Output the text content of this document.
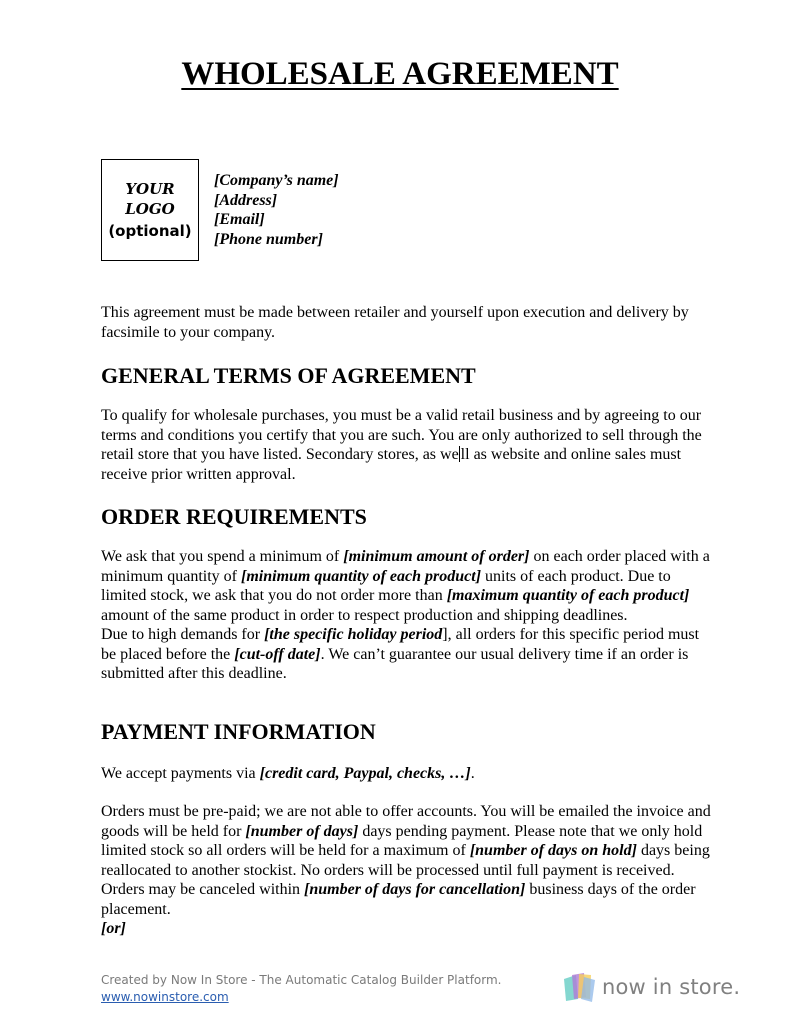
WHOLESALE AGREEMENT
YOUR
LOGO
(optional)
[Company’s name]
[Address]
[Email]
[Phone number]

This agreement must be made between retailer and yourself upon execution and delivery by facsimile to your company.

GENERAL TERMS OF AGREEMENT

To qualify for wholesale purchases, you must be a valid retail business and by agreeing to our terms and conditions you certify that you are such. You are only authorized to sell through the retail store that you have listed. Secondary stores, as we ll as website and online sales must receive prior written approval.

ORDER REQUIREMENTS

We ask that you spend a minimum of [minimum amount of order] on each order placed with a minimum quantity of [minimum quantity of each product] units of each product. Due to limited stock, we ask that you do not order more than [maximum quantity of each product] amount of the same product in order to respect production and shipping deadlines.
Due to high demands for [the specific holiday period], all orders for this specific period must be placed before the [cut-off date]. We can’t guarantee our usual delivery time if an order is submitted after this deadline.

PAYMENT INFORMATION

We accept payments via [credit card, Paypal, checks, …].

Orders must be pre-paid; we are not able to offer accounts. You will be emailed the invoice and goods will be held for [number of days] days pending payment. Please note that we only hold limited stock so all orders will be held for a maximum of [number of days on hold] days being reallocated to another stockist. No orders will be processed until full payment is received. Orders may be canceled within [number of days for cancellation] business days of the order placement.
[or]

Created by Now In Store - The Automatic Catalog Builder Platform.
www.nowinstore.com	now in store.
